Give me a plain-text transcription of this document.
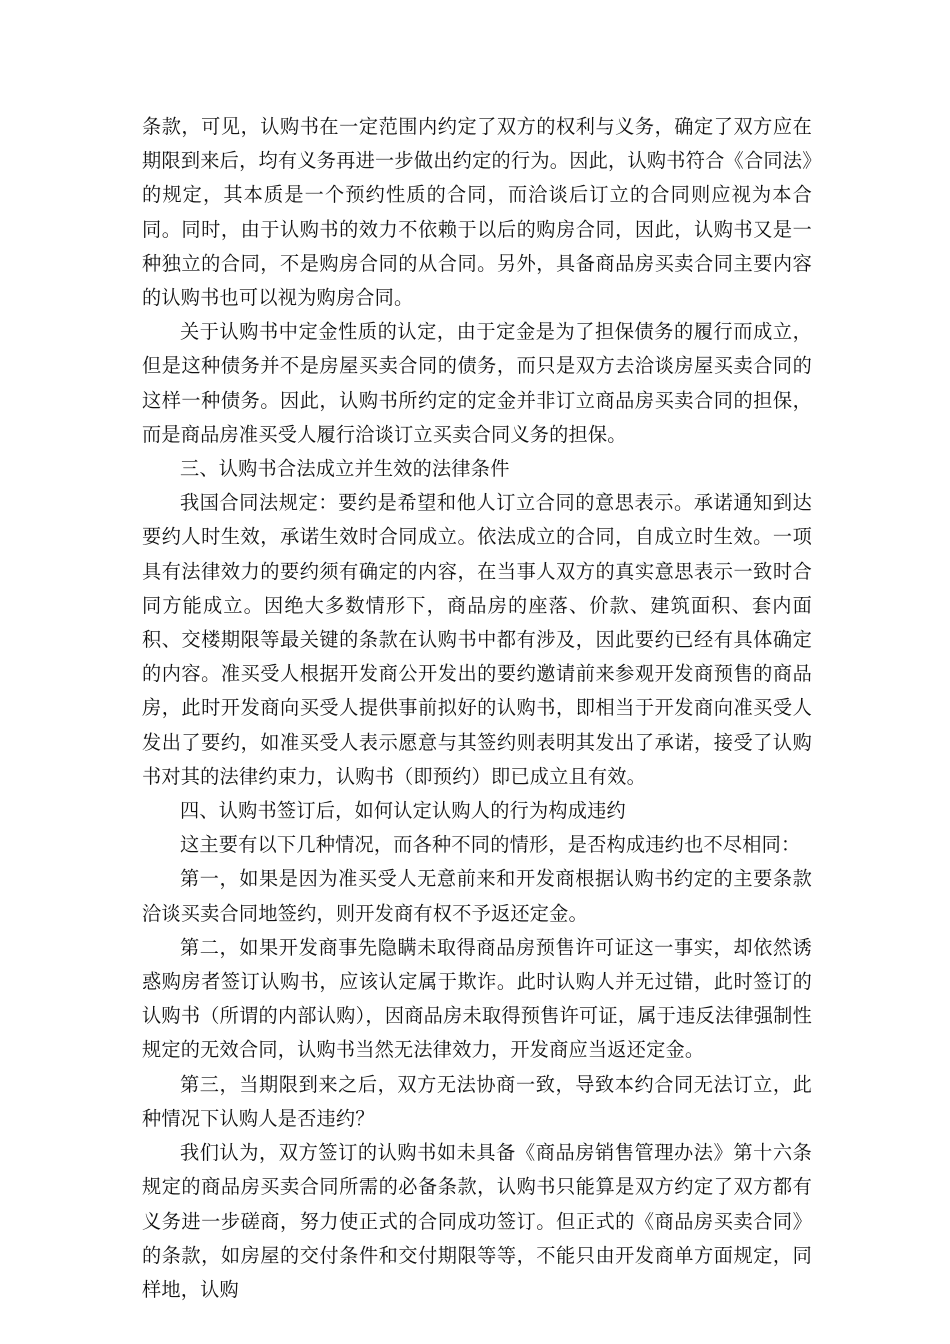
条款，可见，认购书在一定范围内约定了双方的权利与义务，确定了双方应在期限到来后，均有义务再进一步做出约定的行为。因此，认购书符合《合同法》的规定，其本质是一个预约性质的合同，而洽谈后订立的合同则应视为本合同。同时，由于认购书的效力不依赖于以后的购房合同，因此，认购书又是一种独立的合同，不是购房合同的从合同。另外，具备商品房买卖合同主要内容的认购书也可以视为购房合同。

关于认购书中定金性质的认定，由于定金是为了担保债务的履行而成立，但是这种债务并不是房屋买卖合同的债务，而只是双方去洽谈房屋买卖合同的这样一种债务。因此，认购书所约定的定金并非订立商品房买卖合同的担保，而是商品房准买受人履行洽谈订立买卖合同义务的担保。

三、认购书合法成立并生效的法律条件

我国合同法规定：要约是希望和他人订立合同的意思表示。承诺通知到达要约人时生效，承诺生效时合同成立。依法成立的合同，自成立时生效。一项具有法律效力的要约须有确定的内容，在当事人双方的真实意思表示一致时合同方能成立。因绝大多数情形下，商品房的座落、价款、建筑面积、套内面积、交楼期限等最关键的条款在认购书中都有涉及，因此要约已经有具体确定的内容。准买受人根据开发商公开发出的要约邀请前来参观开发商预售的商品房，此时开发商向买受人提供事前拟好的认购书，即相当于开发商向准买受人发出了要约，如准买受人表示愿意与其签约则表明其发出了承诺，接受了认购书对其的法律约束力，认购书（即预约）即已成立且有效。

四、认购书签订后，如何认定认购人的行为构成违约

这主要有以下几种情况，而各种不同的情形，是否构成违约也不尽相同：

第一，如果是因为准买受人无意前来和开发商根据认购书约定的主要条款洽谈买卖合同地签约，则开发商有权不予返还定金。

第二，如果开发商事先隐瞒未取得商品房预售许可证这一事实，却依然诱惑购房者签订认购书，应该认定属于欺诈。此时认购人并无过错，此时签订的认购书（所谓的内部认购），因商品房未取得预售许可证，属于违反法律强制性规定的无效合同，认购书当然无法律效力，开发商应当返还定金。

第三，当期限到来之后，双方无法协商一致，导致本约合同无法订立，此种情况下认购人是否违约？

我们认为，双方签订的认购书如未具备《商品房销售管理办法》第十六条规定的商品房买卖合同所需的必备条款，认购书只能算是双方约定了双方都有义务进一步磋商，努力使正式的合同成功签订。但正式的《商品房买卖合同》的条款，如房屋的交付条件和交付期限等等，不能只由开发商单方面规定，同样地，认购
